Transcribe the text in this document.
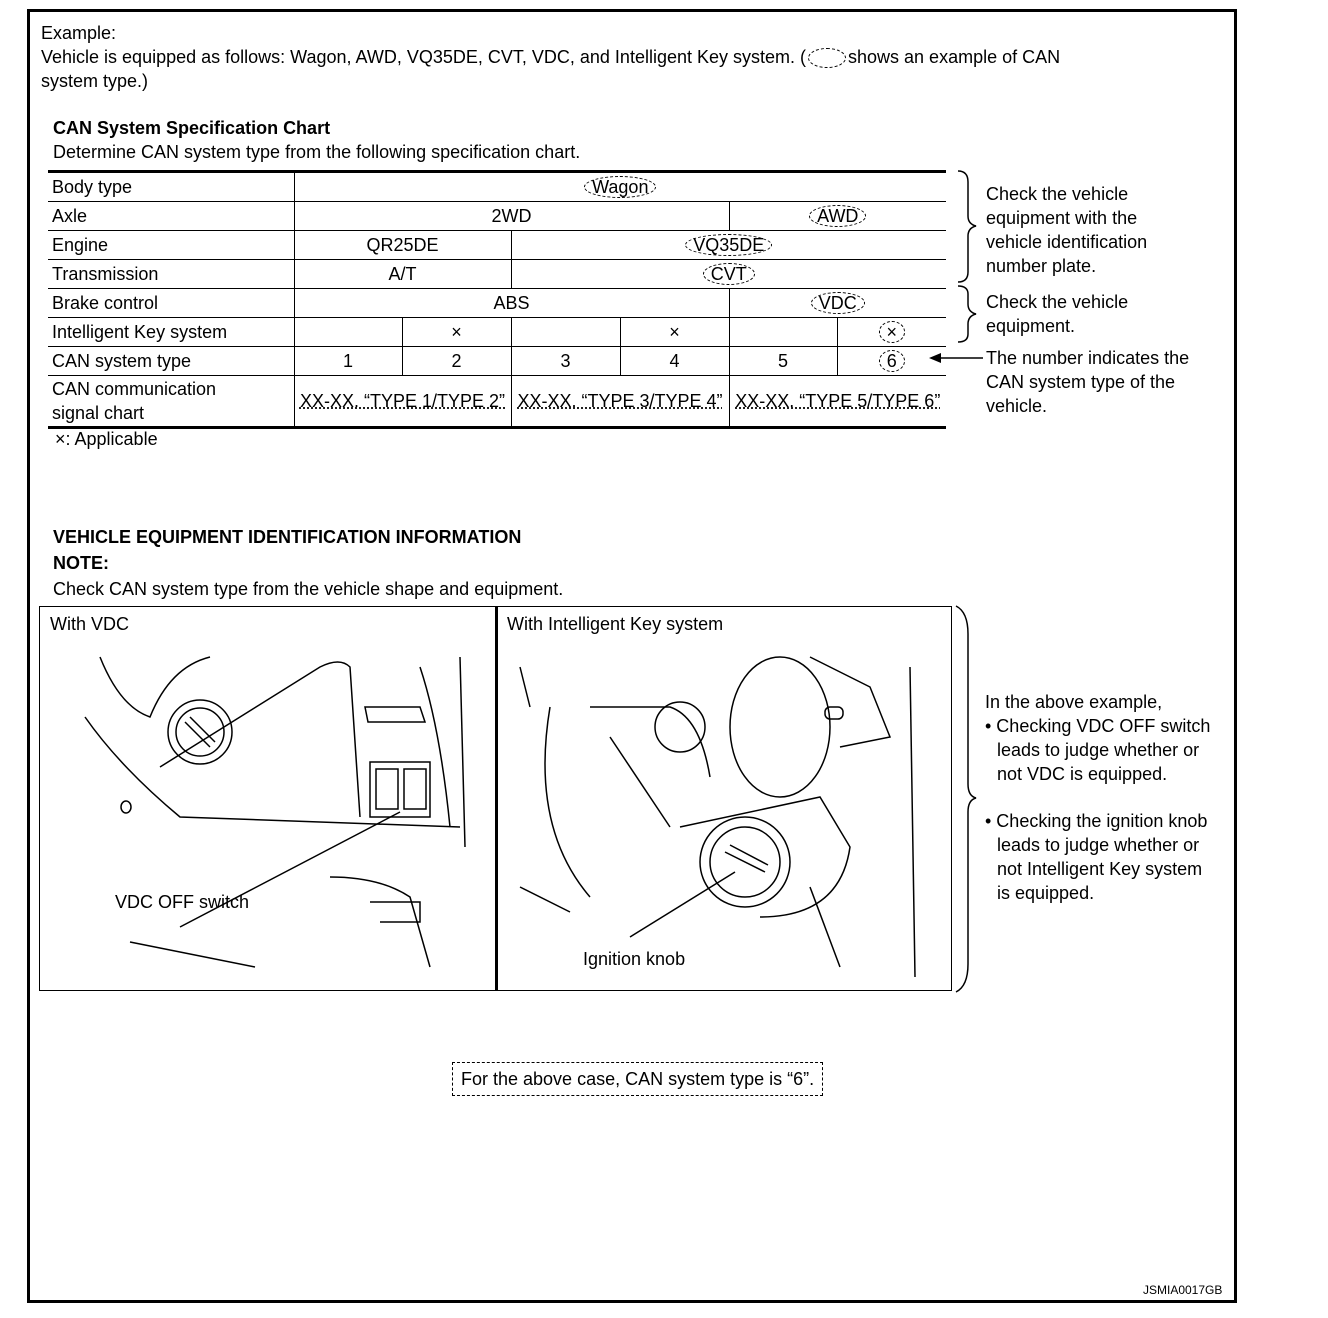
Example:
Vehicle is equipped as follows: Wagon, AWD, VQ35DE, CVT, VDC, and Intelligent Key system. ( shows an example of CAN
system type.)
CAN System Specification Chart
Determine CAN system type from the following specification chart.
Body type	Wagon					
Axle	2WD				AWD	
Engine	QR25DE		VQ35DE			
Transmission	A/T		CVT			
Brake control	ABS				VDC	
Intelligent Key system		×		×		×
CAN system type	1	2	3	4	5	6
CAN communication
signal chart	XX-XX. “TYPE 1/TYPE 2”		XX-XX. “TYPE 3/TYPE 4”		XX-XX. “TYPE 5/TYPE 6”	
×: Applicable
Check the vehicle
equipment with the
vehicle identification
number plate.
Check the vehicle
equipment.
The number indicates the
CAN system type of the
vehicle.
VEHICLE EQUIPMENT IDENTIFICATION INFORMATION
NOTE:
Check CAN system type from the vehicle shape and equipment.
With VDC	With Intelligent Key system
VDC OFF switch
Ignition knob
In the above example,
• Checking VDC OFF switch
leads to judge whether or
not VDC is equipped.
• Checking the ignition knob
leads to judge whether or
not Intelligent Key system
is equipped.
For the above case, CAN system type is “6”.
JSMIA0017GB
